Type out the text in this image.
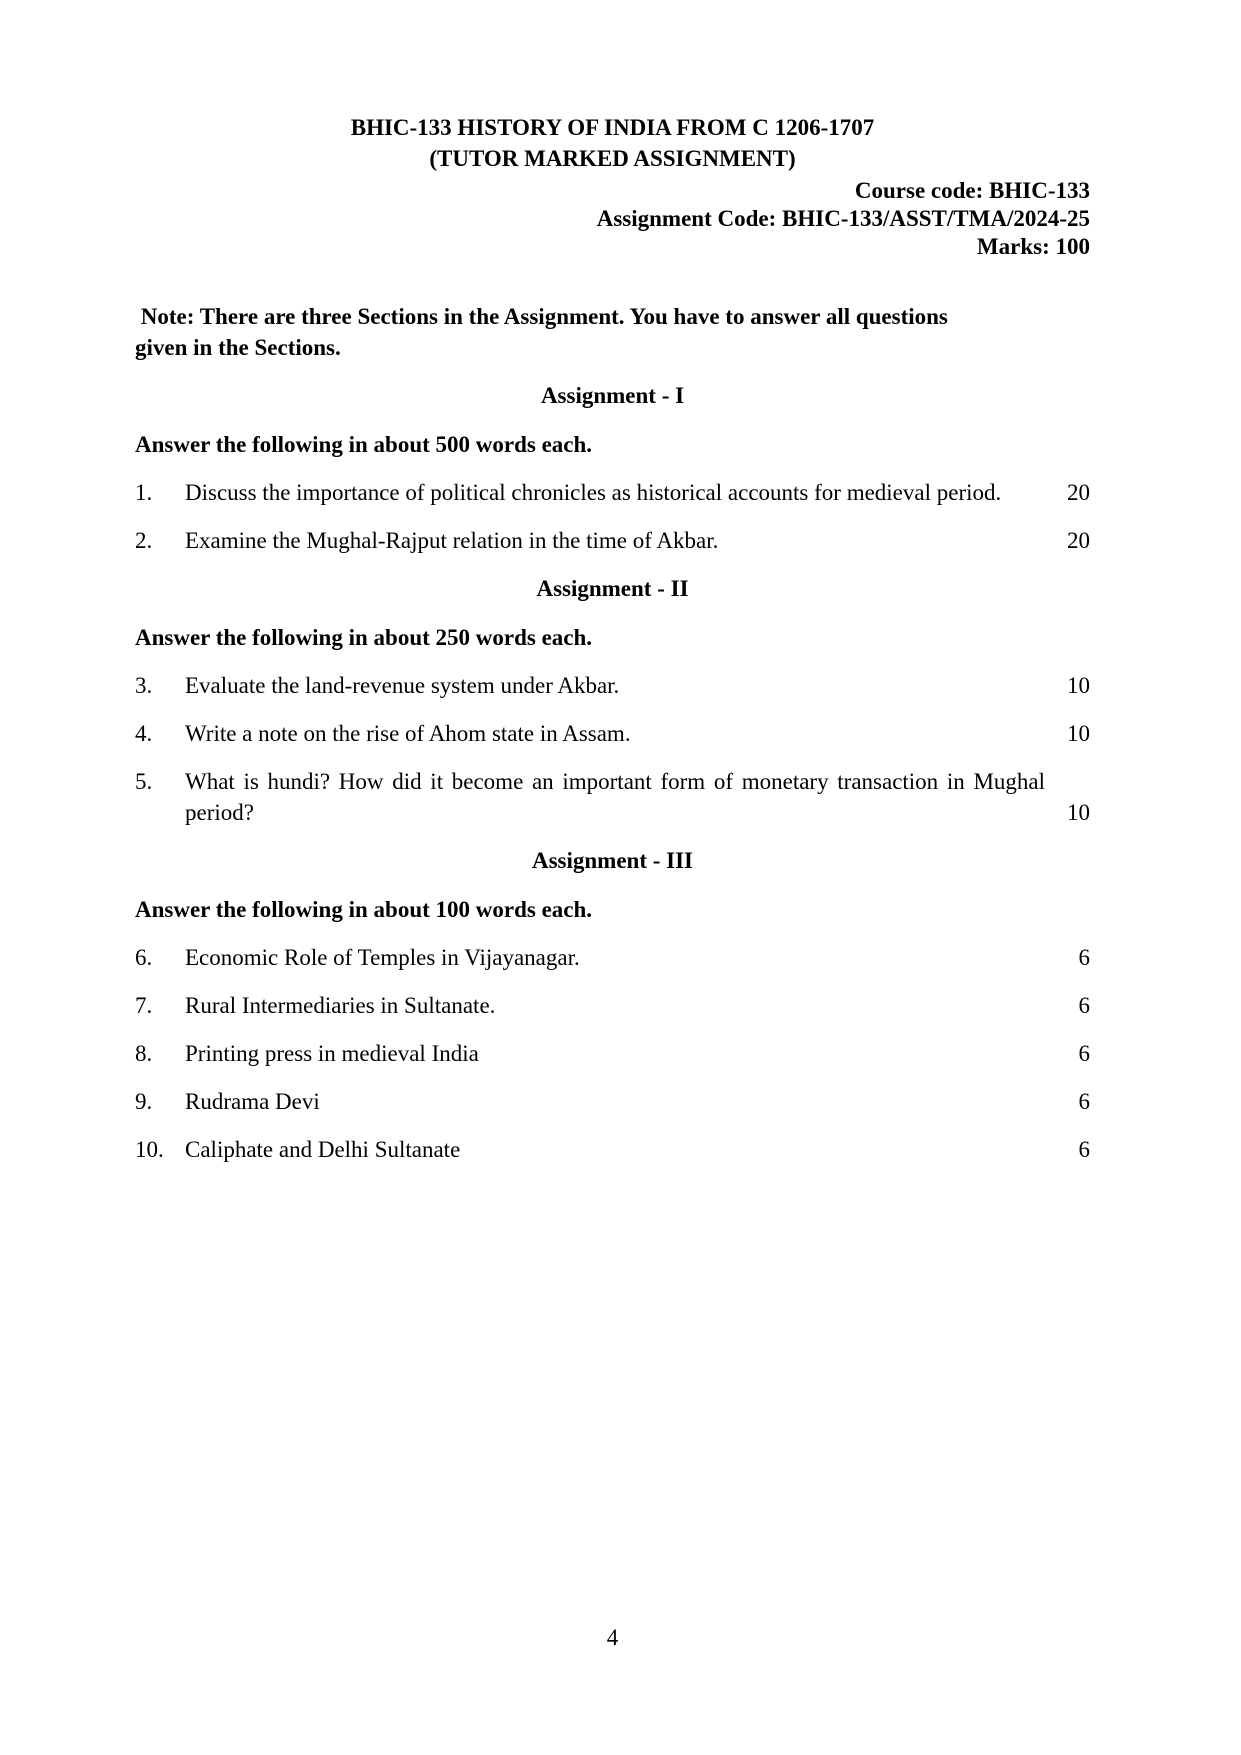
BHIC-133 HISTORY OF INDIA FROM C 1206-1707
(TUTOR MARKED ASSIGNMENT)
Course code: BHIC-133
Assignment Code: BHIC-133/ASST/TMA/2024-25
Marks: 100
Note: There are three Sections in the Assignment. You have to answer all questions
given in the Sections.
Assignment - I
Answer the following in about 500 words each.
1.	Discuss the importance of political chronicles as historical accounts for medieval period.	20
2.	Examine the Mughal-Rajput relation in the time of Akbar.	20
Assignment - II
Answer the following in about 250 words each.
3.	Evaluate the land-revenue system under Akbar.	10
4.	Write a note on the rise of Ahom state in Assam.	10
5.	What is hundi? How did it become an important form of monetary transaction in Mughal period?	10
Assignment - III
Answer the following in about 100 words each.
6.	Economic Role of Temples in Vijayanagar.	6
7.	Rural Intermediaries in Sultanate.	6
8.	Printing press in medieval India	6
9.	Rudrama Devi	6
10. Caliphate and Delhi Sultanate	6
4
